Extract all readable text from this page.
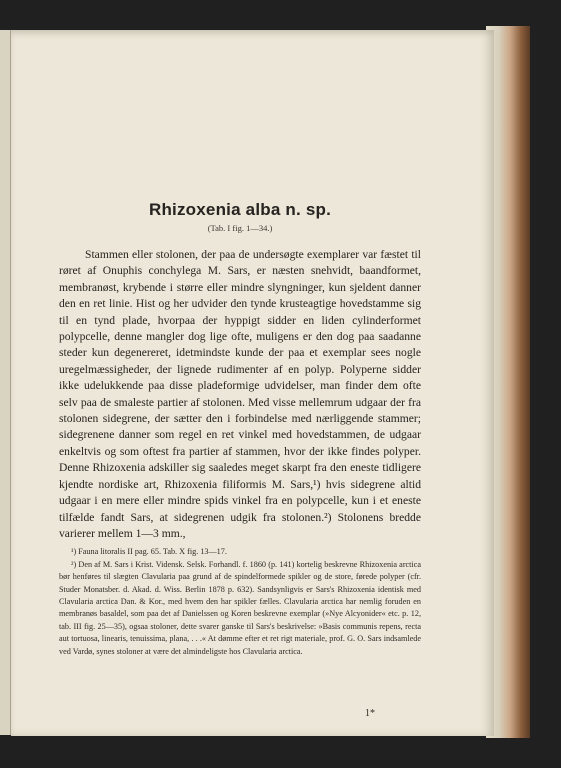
Rhizoxenia alba n. sp.
(Tab. I fig. 1—34.)

Stammen eller stolonen, der paa de undersøgte exemplarer var fæstet til røret af Onuphis conchylega M. Sars, er næsten snehvidt, baandformet, membranøst, krybende i større eller mindre slyngninger, kun sjeldent danner den en ret linie. Hist og her udvider den tynde krusteagtige hovedstamme sig til en tynd plade, hvorpaa der hyppigt sidder en liden cylinderformet polypcelle, denne mangler dog lige ofte, muligens er den dog paa saadanne steder kun degenereret, idetmindste kunde der paa et exemplar sees nogle uregelmæssigheder, der lignede rudimenter af en polyp. Polyperne sidder ikke udelukkende paa disse pladeformige udvidelser, man finder dem ofte selv paa de smaleste partier af stolonen. Med visse mellemrum udgaar der fra stolonen sidegrene, der sætter den i forbindelse med nærliggende stammer; sidegrenene danner som regel en ret vinkel med hovedstammen, de udgaar enkeltvis og som oftest fra partier af stammen, hvor der ikke findes polyper. Denne Rhizoxenia adskiller sig saaledes meget skarpt fra den eneste tidligere kjendte nordiske art, Rhizoxenia filiformis M. Sars,¹) hvis sidegrene altid udgaar i en mere eller mindre spids vinkel fra en polypcelle, kun i et eneste tilfælde fandt Sars, at sidegrenen udgik fra stolonen.²) Stolonens bredde varierer mellem 1—3 mm.,

¹) Fauna litoralis II pag. 65. Tab. X fig. 13—17.

²) Den af M. Sars i Krist. Vidensk. Selsk. Forhandl. f. 1860 (p. 141) kortelig beskrevne Rhizoxenia arctica bør henføres til slægten Clavularia paa grund af de spindelformede spikler og de store, førede polyper (cfr. Studer Monatsber. d. Akad. d. Wiss. Berlin 1878 p. 632). Sandsynligvis er Sars's Rhizoxenia identisk med Clavularia arctica Dan. & Kor., med hvem den har spikler fælles. Clavularia arctica har nemlig foruden en membranøs basaldel, som paa det af Danielssen og Koren beskrevne exemplar (»Nye Alcyonider« etc. p. 12, tab. III fig. 25—35), ogsaa stoloner, dette svarer ganske til Sars's beskrivelse: »Basis communis repens, recta aut tortuosa, linearis, tenuissima, plana, . . .« At dømme efter et ret rigt materiale, prof. G. O. Sars indsamlede ved Vardø, synes stoloner at være det almindeligste hos Clavularia arctica.

1*
